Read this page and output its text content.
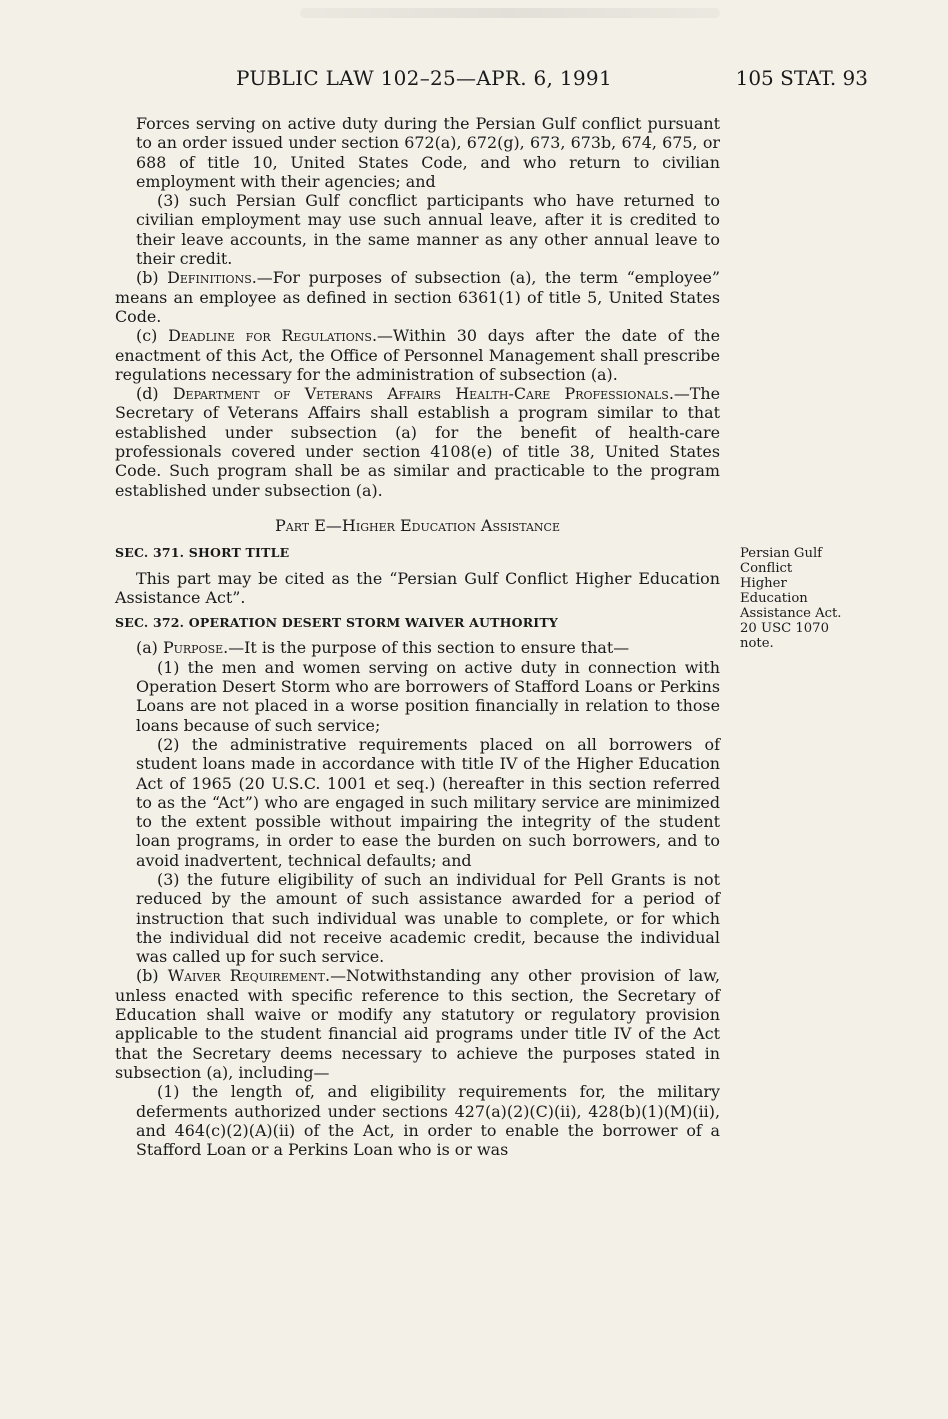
PUBLIC LAW 102–25—APR. 6, 1991	105 STAT. 93

Forces serving on active duty during the Persian Gulf conflict pursuant to an order issued under section 672(a), 672(g), 673, 673b, 674, 675, or 688 of title 10, United States Code, and who return to civilian employment with their agencies; and

(3) such Persian Gulf concflict participants who have returned to civilian employment may use such annual leave, after it is credited to their leave accounts, in the same manner as any other annual leave to their credit.

(b) Definitions.—For purposes of subsection (a), the term “employee” means an employee as defined in section 6361(1) of title 5, United States Code.

(c) Deadline for Regulations.—Within 30 days after the date of the enactment of this Act, the Office of Personnel Management shall prescribe regulations necessary for the administration of subsection (a).

(d) Department of Veterans Affairs Health-Care Professionals.—The Secretary of Veterans Affairs shall establish a program similar to that established under subsection (a) for the benefit of health-care professionals covered under section 4108(e) of title 38, United States Code. Such program shall be as similar and practicable to the program established under subsection (a).

Part E—Higher Education Assistance

SEC. 371. SHORT TITLE

This part may be cited as the “Persian Gulf Conflict Higher Education Assistance Act”.

SEC. 372. OPERATION DESERT STORM WAIVER AUTHORITY

(a) Purpose.—It is the purpose of this section to ensure that—

(1) the men and women serving on active duty in connection with Operation Desert Storm who are borrowers of Stafford Loans or Perkins Loans are not placed in a worse position financially in relation to those loans because of such service;

(2) the administrative requirements placed on all borrowers of student loans made in accordance with title IV of the Higher Education Act of 1965 (20 U.S.C. 1001 et seq.) (hereafter in this section referred to as the “Act”) who are engaged in such military service are minimized to the extent possible without impairing the integrity of the student loan programs, in order to ease the burden on such borrowers, and to avoid inadvertent, technical defaults; and

(3) the future eligibility of such an individual for Pell Grants is not reduced by the amount of such assistance awarded for a period of instruction that such individual was unable to complete, or for which the individual did not receive academic credit, because the individual was called up for such service.

(b) Waiver Requirement.—Notwithstanding any other provision of law, unless enacted with specific reference to this section, the Secretary of Education shall waive or modify any statutory or regulatory provision applicable to the student financial aid programs under title IV of the Act that the Secretary deems necessary to achieve the purposes stated in subsection (a), including—

(1) the length of, and eligibility requirements for, the military deferments authorized under sections 427(a)(2)(C)(ii), 428(b)(1)(M)(ii), and 464(c)(2)(A)(ii) of the Act, in order to enable the borrower of a Stafford Loan or a Perkins Loan who is or was

Persian Gulf

Conflict

Higher

Education

Assistance Act.

20 USC 1070

note.
